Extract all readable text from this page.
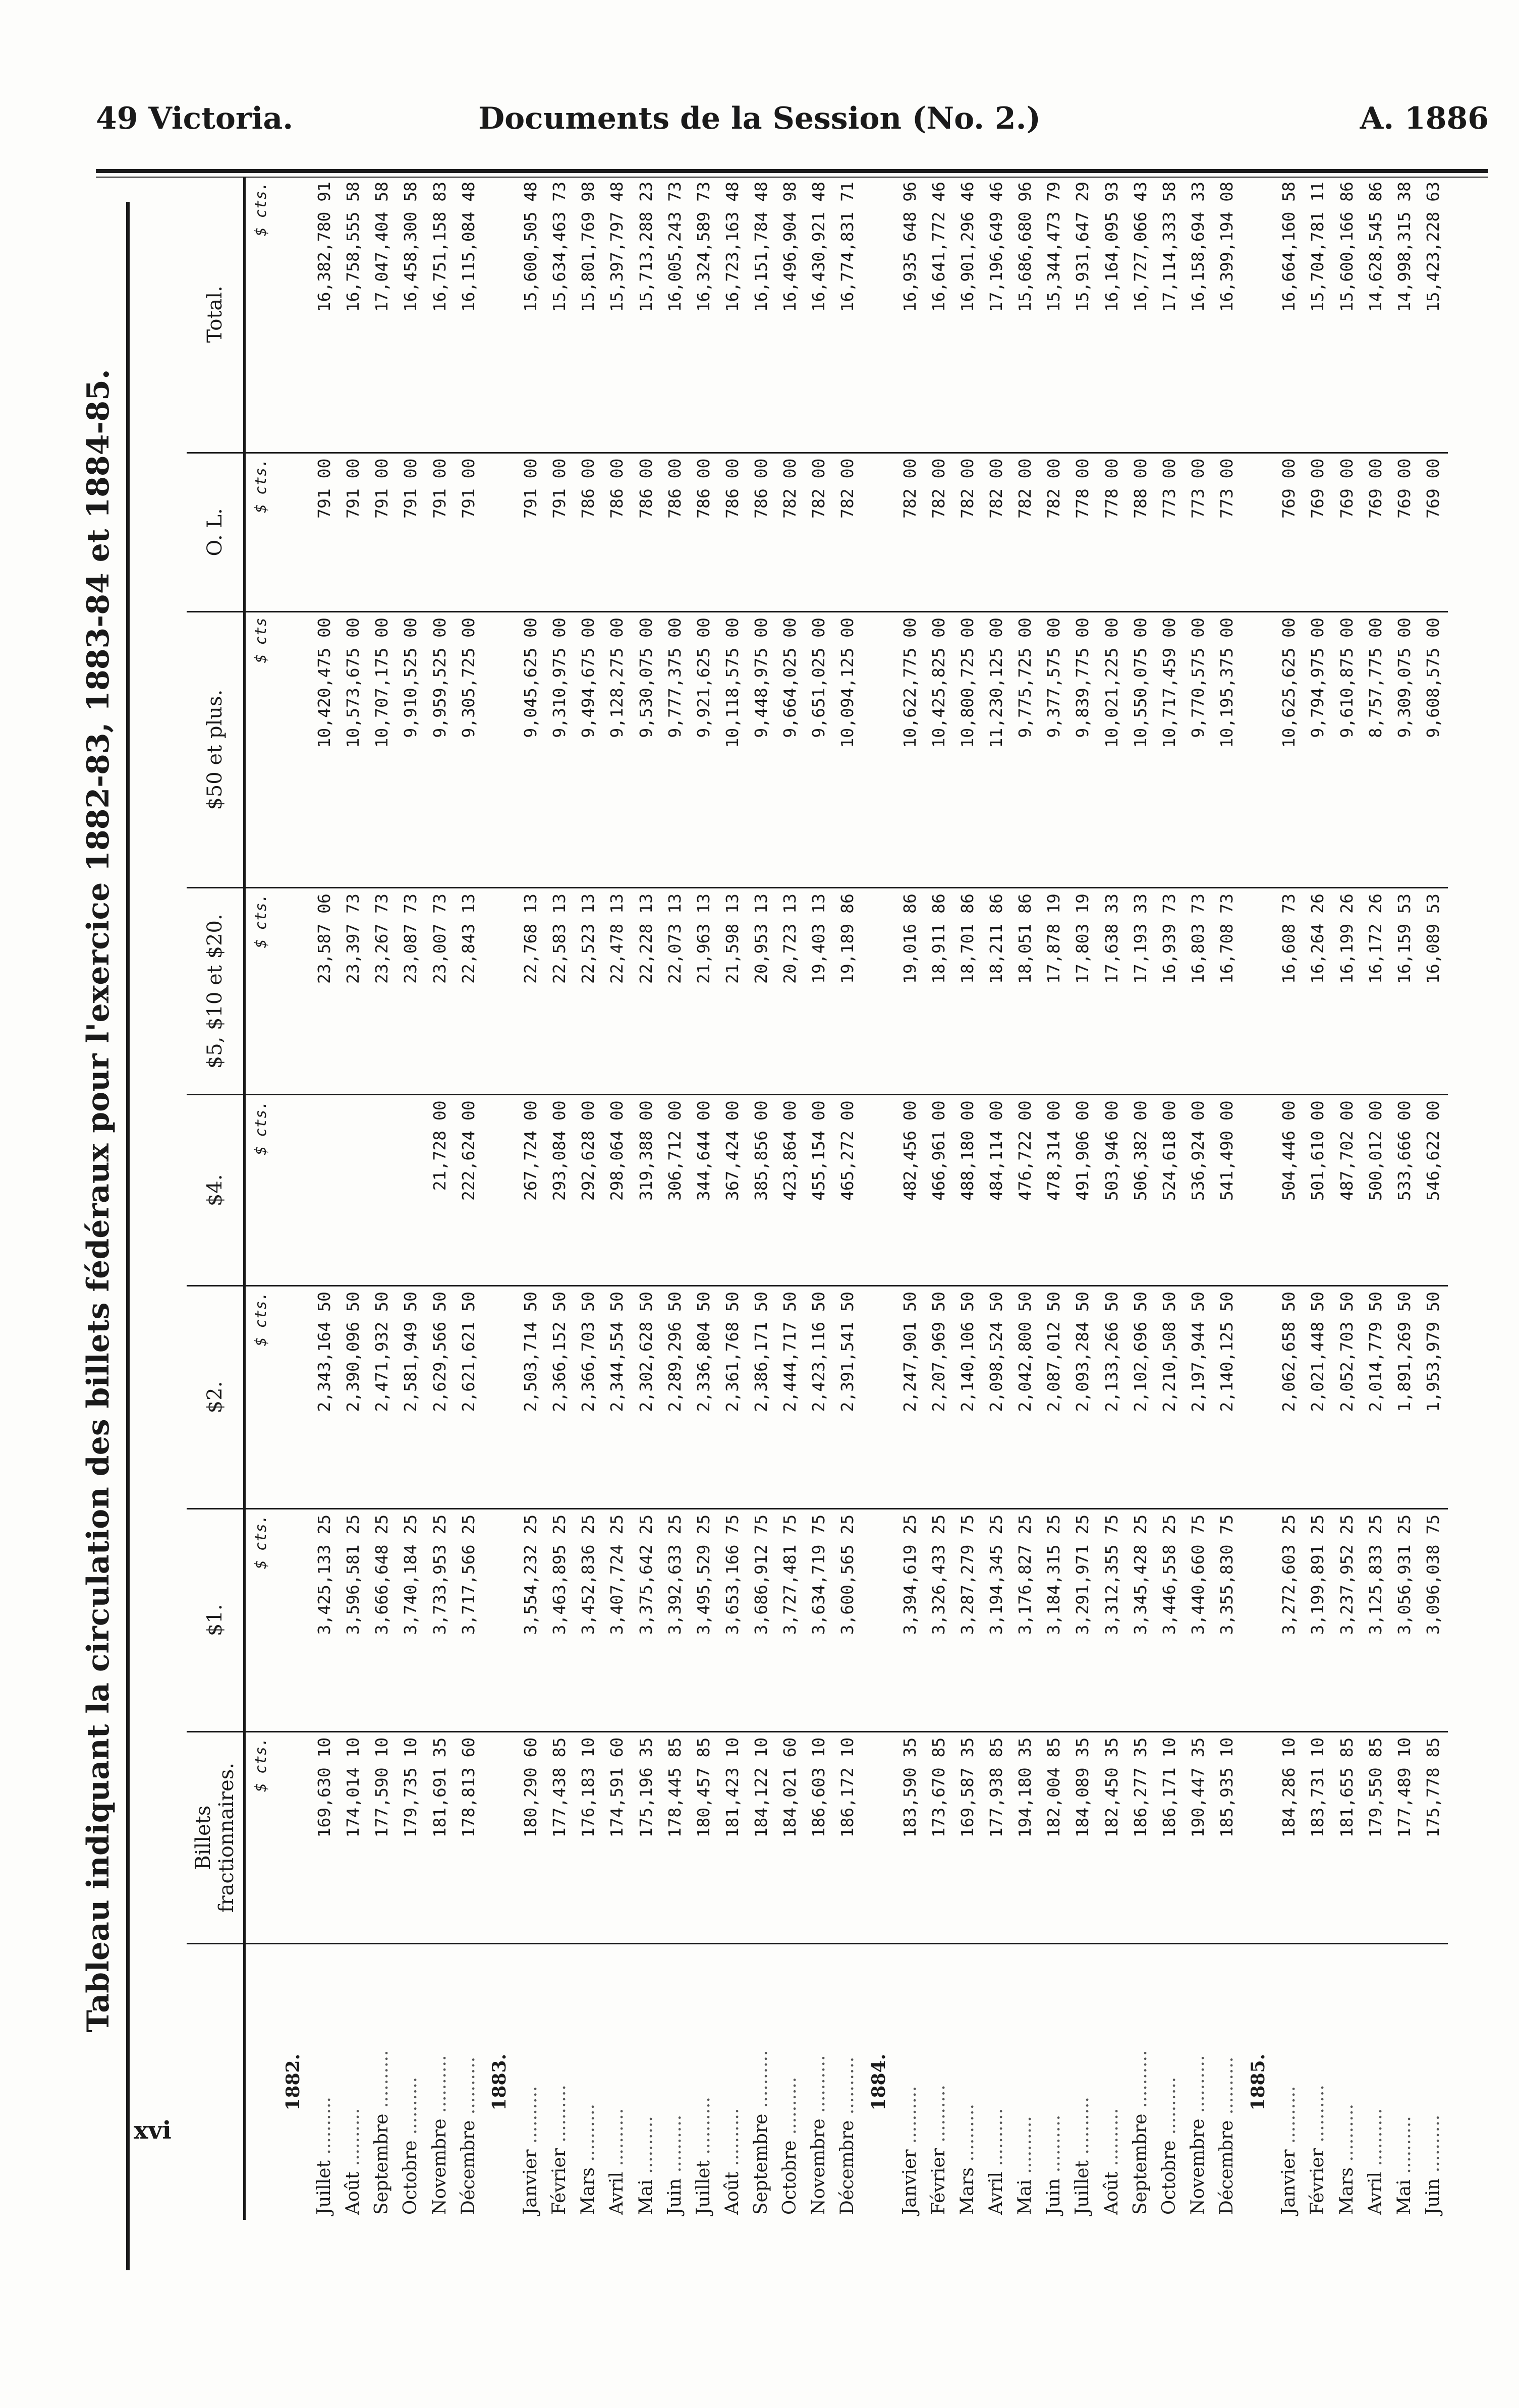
49 Victoria.	Documents de la Session (No. 2.)	A. 1886
Tableau indiquant la circulation des billets fédéraux pour l'exercice 1882-83, 1883-84 et 1884-85.
		Billets fractionnaires.	$1.	$2.	$4.	$5, $10 et $20.	$50 et plus.	O. L.	Total.
	$ cts.	$ cts.	$ cts.	$ cts.	$ cts.	$ cts	$ cts.	$ cts.
1882.								
Juillet ..........	169,630 10	3,425,133 25	2,343,164 50		23,587 06	10,420,475 00	791 00	16,382,780 91
Août ..........	174,014 10	3,596,581 25	2,390,096 50		23,397 73	10,573,675 00	791 00	16,758,555 58
Septembre ..........	177,590 10	3,666,648 25	2,471,932 50		23,267 73	10,707,175 00	791 00	17,047,404 58
Octobre ..........	179,735 10	3,740,184 25	2,581,949 50		23,087 73	9,910,525 00	791 00	16,458,300 58
Novembre ..........	181,691 35	3,733,953 25	2,629,566 50	21,728 00	23,007 73	9,959,525 00	791 00	16,751,158 83
Décembre ..........	178,813 60	3,717,566 25	2,621,621 50	222,624 00	22,843 13	9,305,725 00	791 00	16,115,084 48
1883.								
Janvier ..........	180,290 60	3,554,232 25	2,503,714 50	267,724 00	22,768 13	9,045,625 00	791 00	15,600,505 48
Février ..........	177,438 85	3,463,895 25	2,366,152 50	293,084 00	22,583 13	9,310,975 00	791 00	15,634,463 73
Mars ..........	176,183 10	3,452,836 25	2,366,703 50	292,628 00	22,523 13	9,494,675 00	786 00	15,801,769 98
Avril ..........	174,591 60	3,407,724 25	2,344,554 50	298,064 00	22,478 13	9,128,275 00	786 00	15,397,797 48
Mai ..........	175,196 35	3,375,642 25	2,302,628 50	319,388 00	22,228 13	9,530,075 00	786 00	15,713,288 23
Juin ..........	178,445 85	3,392,633 25	2,289,296 50	306,712 00	22,073 13	9,777,375 00	786 00	16,005,243 73
Juillet ..........	180,457 85	3,495,529 25	2,336,804 50	344,644 00	21,963 13	9,921,625 00	786 00	16,324,589 73
Août ..........	181,423 10	3,653,166 75	2,361,768 50	367,424 00	21,598 13	10,118,575 00	786 00	16,723,163 48
Septembre ..........	184,122 10	3,686,912 75	2,386,171 50	385,856 00	20,953 13	9,448,975 00	786 00	16,151,784 48
Octobre ..........	184,021 60	3,727,481 75	2,444,717 50	423,864 00	20,723 13	9,664,025 00	782 00	16,496,904 98
Novembre ..........	186,603 10	3,634,719 75	2,423,116 50	455,154 00	19,403 13	9,651,025 00	782 00	16,430,921 48
Décembre ..........	186,172 10	3,600,565 25	2,391,541 50	465,272 00	19,189 86	10,094,125 00	782 00	16,774,831 71
1884.								
Janvier ..........	183,590 35	3,394,619 25	2,247,901 50	482,456 00	19,016 86	10,622,775 00	782 00	16,935 648 96
Février ..........	173,670 85	3,326,433 25	2,207,969 50	466,961 00	18,911 86	10,425,825 00	782 00	16,641,772 46
Mars ..........	169,587 35	3,287,279 75	2,140,106 50	488,180 00	18,701 86	10,800,725 00	782 00	16,901,296 46
Avril ..........	177,938 85	3,194,345 25	2,098,524 50	484,114 00	18,211 86	11,230,125 00	782 00	17,196,649 46
Mai ..........	194,180 35	3,176,827 25	2,042,800 50	476,722 00	18,051 86	9,775,725 00	782 00	15,686,680 96
Juin ..........	182,004 85	3,184,315 25	2,087,012 50	478,314 00	17,878 19	9,377,575 00	782 00	15,344,473 79
Juillet ..........	184,089 35	3,291,971 25	2,093,284 50	491,906 00	17,803 19	9,839,775 00	778 00	15,931,647 29
Août ..........	182,450 35	3,312,355 75	2,133,266 50	503,946 00	17,638 33	10,021,225 00	778 00	16,164,095 93
Septembre ..........	186,277 35	3,345,428 25	2,102,696 50	506,382 00	17,193 33	10,550,075 00	788 00	16,727,066 43
Octobre ..........	186,171 10	3,446,558 25	2,210,508 50	524,618 00	16,939 73	10,717,459 00	773 00	17,114,333 58
Novembre ..........	190,447 35	3,440,660 75	2,197,944 50	536,924 00	16,803 73	9,770,575 00	773 00	16,158,694 33
Décembre ..........	185,935 10	3,355,830 75	2,140,125 50	541,490 00	16,708 73	10,195,375 00	773 00	16,399,194 08
1885.								
Janvier ..........	184,286 10	3,272,603 25	2,062,658 50	504,446 00	16,608 73	10,625,625 00	769 00	16,664,160 58
Février ..........	183,731 10	3,199,891 25	2,021,448 50	501,610 00	16,264 26	9,794,975 00	769 00	15,704,781 11
Mars ..........	181,655 85	3,237,952 25	2,052,703 50	487,702 00	16,199 26	9,610,875 00	769 00	15,600,166 86
Avril ..........	179,550 85	3,125,833 25	2,014,779 50	500,012 00	16,172 26	8,757,775 00	769 00	14,628,545 86
Mai ..........	177,489 10	3,056,931 25	1,891,269 50	533,666 00	16,159 53	9,309,075 00	769 00	14,998,315 38
Juin ..........	175,778 85	3,096,038 75	1,953,979 50	546,622 00	16,089 53	9,608,575 00	769 00	15,423,228 63
xvi
